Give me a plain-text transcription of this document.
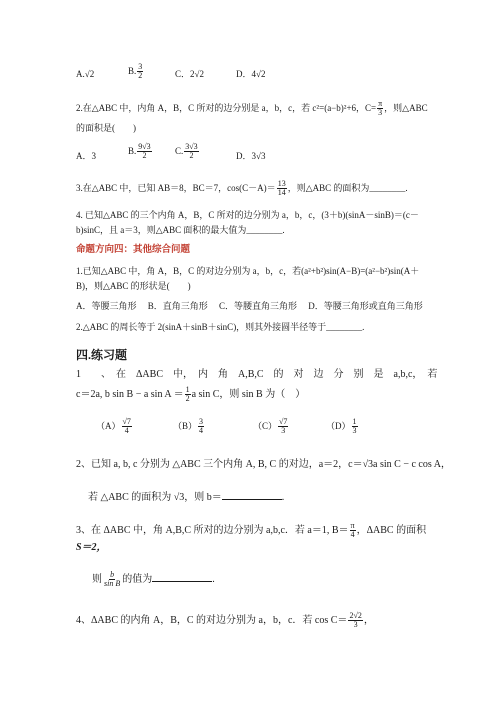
A.√2	B. $\frac{3}{2}$	C．2√2	D．4√2
2.在△ABC 中，内角 A，B，C 所对的边分别是 a，b，c，若 c²=(a−b)²+6，$C= \frac{\pi}{3}$ ，则△ABC
的面积是(　　)
A．3
B. $\frac{9√3}{2}$	C. $\frac{3√3}{2}$	D．3√3
3.在△ABC 中，已知 AB＝8，BC＝7，$\cos(C-A)= \frac{13}{14}$ ，则△ABC 的面积为________.
4. 已知△ABC 的三个内角 A，B，C 所对的边分别为 a，b，c，(3＋b)(sinA－sinB)＝(c－
b)sinC，且 a＝3，则△ABC 面积的最大值为________.
命题方向四：其他综合问题
1.已知△ABC 中，角 A，B，C 的对边分别为 a，b，c，若(a²+b²)sin(A−B)=(a²−b²)sin(A＋
B)，则△ABC 的形状是(　　)
A．等腰三角形　 B．直角三角形　 C．等腰直角三角形　 D．等腰三角形或直角三角形
2.△ABC 的周长等于 2(sinA＋sinB＋sinC)，则其外接圆半径等于________.
四.练习题
1　　、　在　ΔABC　中，　内　角　A,B,C　的　对　边　分　别　是　a,b,c，　若
c＝2a, b sin B − a $\sin A = \frac{1}{2}$ a sin C，则 sin B 为（　）
$(A) \frac{√7}{4}$	$(B) \frac{3}{4}$	$(C) \frac{√7}{3}$	$(D) \frac{1}{3}$
2、已知 a, b, c 分别为 △ABC 三个内角 A, B, C 的对边，a＝2，c＝√3a sin C − c cos A，
若 △ABC 的面积为 √3，则 b＝	.
3、在 ΔABC 中，角 A,B,C 所对的边分别为 a,b,c．若 a＝1, $B= \frac{\pi}{4}$ ，ΔABC 的面积
S＝2，
则 $\frac{b}{\text{sin B}}$ 的值为	.
4、ΔABC 的内角 A，B，C 的对边分别为 a，b，c．若 $\cos C= \frac{2√2}{3}$ ，
